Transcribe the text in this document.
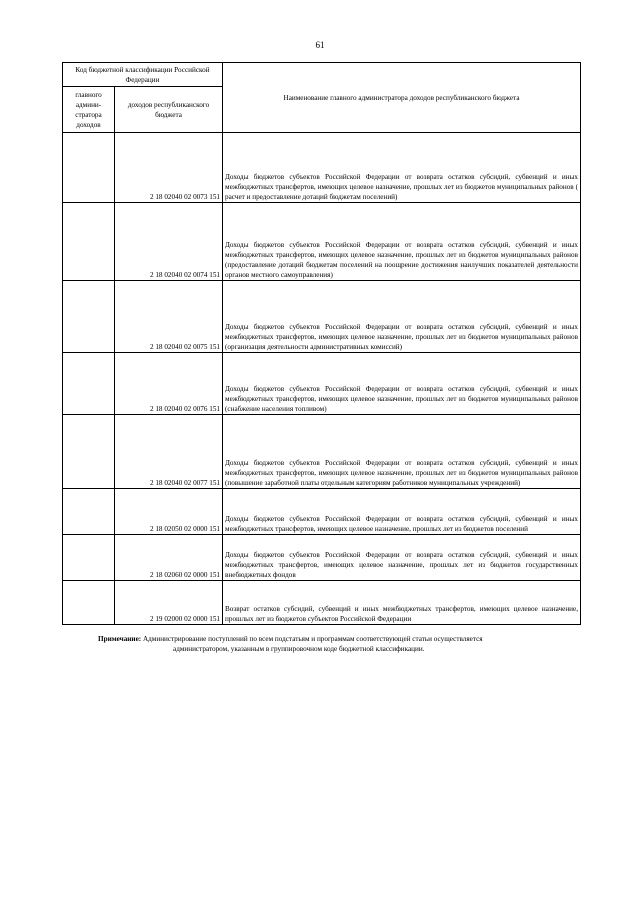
61
Код бюджетной классификации Российской Федерации		Наименование главного администратора доходов республиканского бюджета
главного админи-стратора доходов	доходов республиканского бюджета	
	2 18 02040 02 0073 151	Доходы бюджетов субъектов Российской Федерации от возврата остатков субсидий, субвенций и иных межбюджетных трансфертов, имеющих целевое назначение, прошлых лет из бюджетов муниципальных районов ( расчет и предоставление дотаций бюджетам поселений)
	2 18 02040 02 0074 151	Доходы бюджетов субъектов Российской Федерации от возврата остатков субсидий, субвенций и иных межбюджетных трансфертов, имеющих целевое назначение, прошлых лет из бюджетов муниципальных районов (предоставление дотаций бюджетам поселений на поощрение достижения наилучших показателей деятельности органов местного самоуправления)
	2 18 02040 02 0075 151	Доходы бюджетов субъектов Российской Федерации от возврата остатков субсидий, субвенций и иных межбюджетных трансфертов, имеющих целевое назначение, прошлых лет из бюджетов муниципальных районов (организация деятельности административных комиссий)
	2 18 02040 02 0076 151	Доходы бюджетов субъектов Российской Федерации от возврата остатков субсидий, субвенций и иных межбюджетных трансфертов, имеющих целевое назначение, прошлых лет из бюджетов муниципальных районов (снабжение населения топливом)
	2 18 02040 02 0077 151	Доходы бюджетов субъектов Российской Федерации от возврата остатков субсидий, субвенций и иных межбюджетных трансфертов, имеющих целевое назначение, прошлых лет из бюджетов муниципальных районов (повышение заработной платы отдельным категориям работников муниципальных учреждений)
	2 18 02050 02 0000 151	Доходы бюджетов субъектов Российской Федерации от возврата остатков субсидий, субвенций и иных межбюджетных трансфертов, имеющих целевое назначение, прошлых лет из бюджетов поселений
	2 18 02060 02 0000 151	Доходы бюджетов субъектов Российской Федерации от возврата остатков субсидий, субвенций и иных межбюджетных трансфертов, имеющих целевое назначение, прошлых лет из бюджетов государственных внебюджетных фондов
	2 19 02000 02 0000 151	Возврат остатков субсидий, субвенций и иных межбюджетных трансфертов, имеющих целевое назначение, прошлых лет из бюджетов субъектов Российской Федерации
Примечание: Администрирование поступлений по всем подстатьям и программам соответствующей статьи осуществляется
администратором, указанным в группировочном коде бюджетной классификации.
